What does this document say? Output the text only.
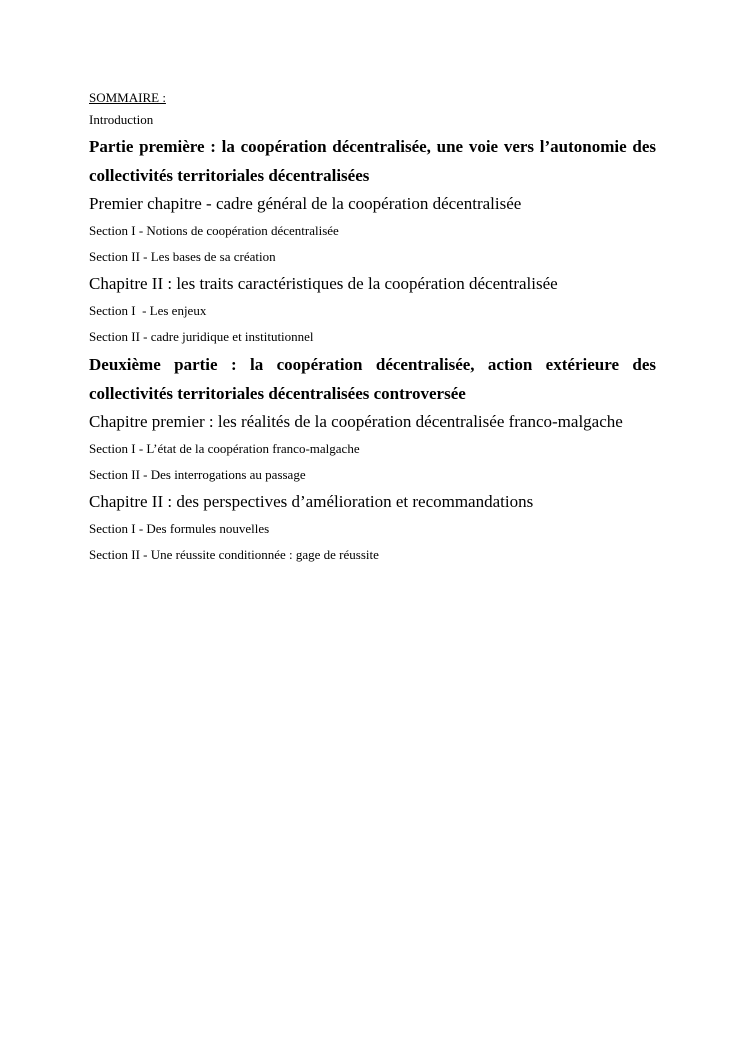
SOMMAIRE :

Introduction

Partie première : la coopération décentralisée, une voie vers l’autonomie des collectivités territoriales décentralisées

Premier chapitre - cadre général de la coopération décentralisée

Section I - Notions de coopération décentralisée

Section II - Les bases de sa création

Chapitre II : les traits caractéristiques de la coopération décentralisée

Section I  - Les enjeux

Section II - cadre juridique et institutionnel

Deuxième partie : la coopération décentralisée, action extérieure des collectivités territoriales décentralisées controversée

Chapitre premier : les réalités de la coopération décentralisée franco-malgache

Section I - L’état de la coopération franco-malgache

Section II - Des interrogations au passage

Chapitre II : des perspectives d’amélioration et recommandations

Section I - Des formules nouvelles

Section II - Une réussite conditionnée : gage de réussite
